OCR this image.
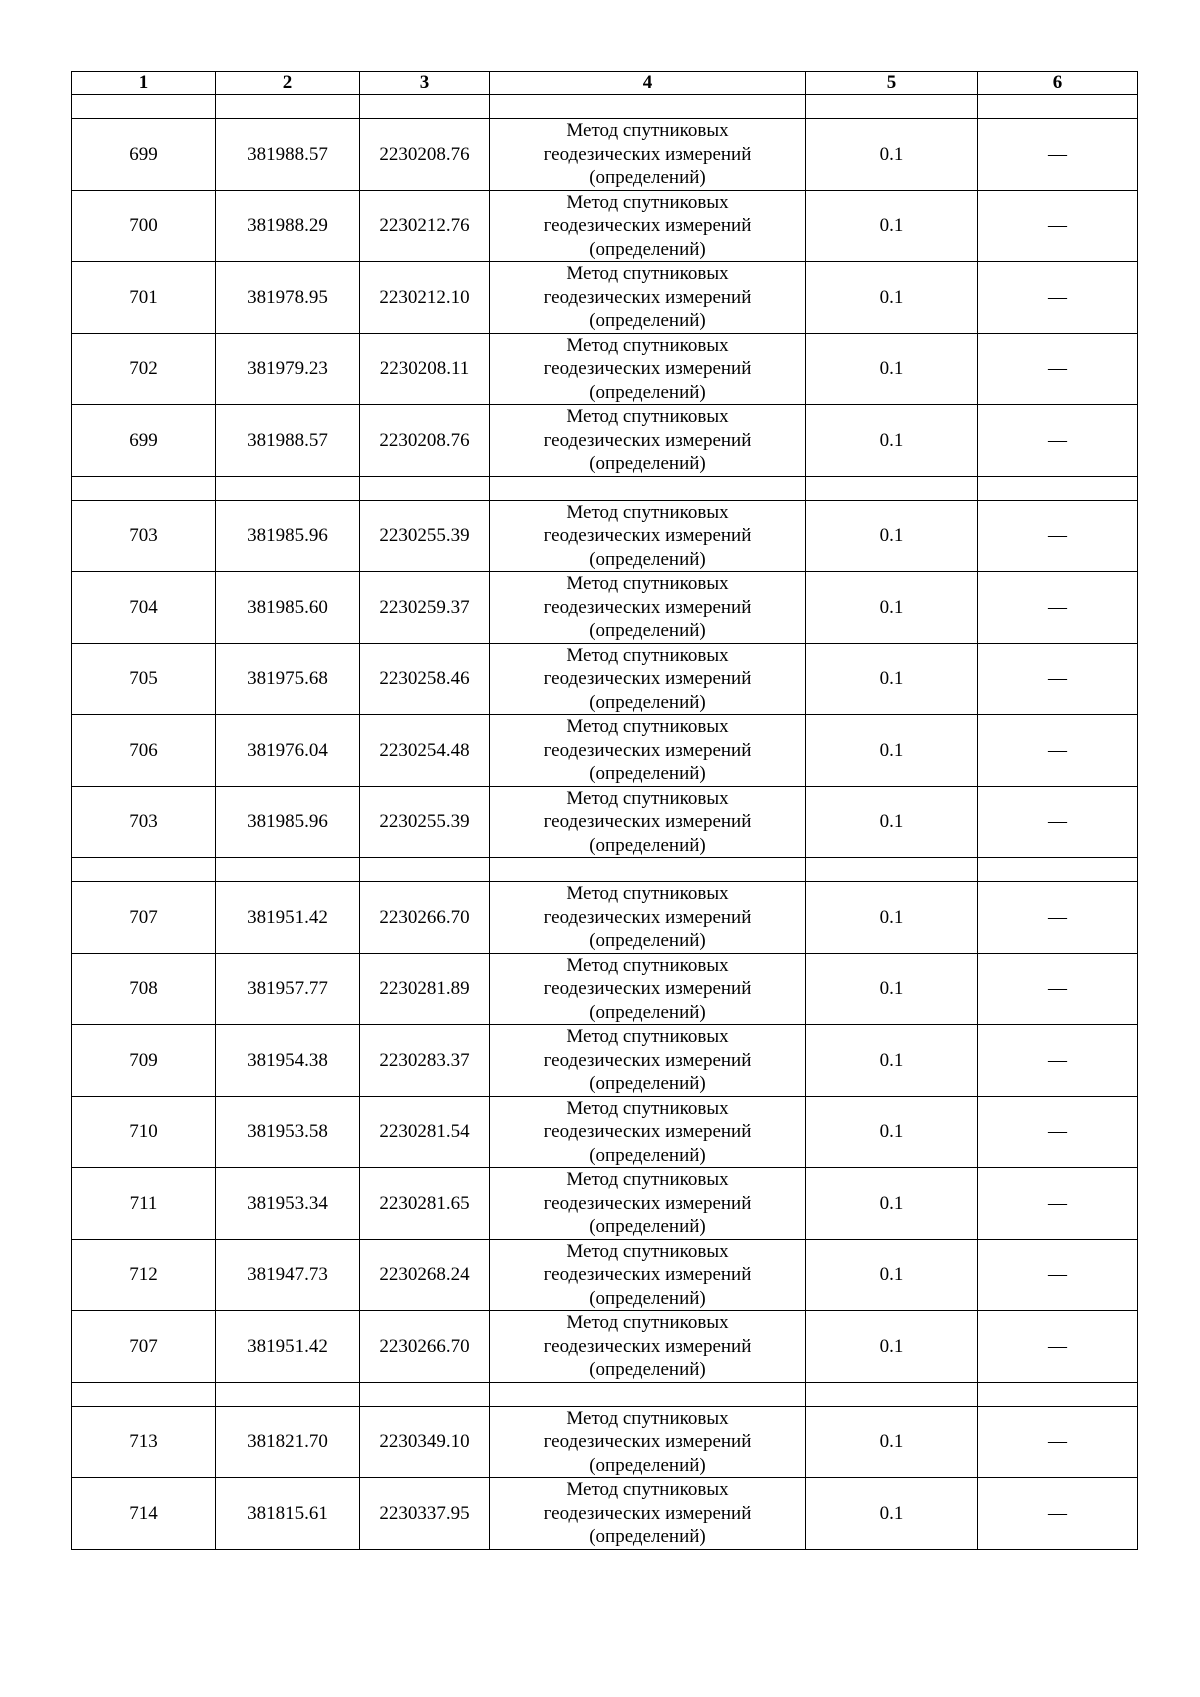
1	2	3	4	5	6

699	381988.57	2230208.76	Метод спутниковых
геодезических измерений
(определений)	0.1	—
700	381988.29	2230212.76	Метод спутниковых
геодезических измерений
(определений)	0.1	—
701	381978.95	2230212.10	Метод спутниковых
геодезических измерений
(определений)	0.1	—
702	381979.23	2230208.11	Метод спутниковых
геодезических измерений
(определений)	0.1	—
699	381988.57	2230208.76	Метод спутниковых
геодезических измерений
(определений)	0.1	—

703	381985.96	2230255.39	Метод спутниковых
геодезических измерений
(определений)	0.1	—
704	381985.60	2230259.37	Метод спутниковых
геодезических измерений
(определений)	0.1	—
705	381975.68	2230258.46	Метод спутниковых
геодезических измерений
(определений)	0.1	—
706	381976.04	2230254.48	Метод спутниковых
геодезических измерений
(определений)	0.1	—
703	381985.96	2230255.39	Метод спутниковых
геодезических измерений
(определений)	0.1	—

707	381951.42	2230266.70	Метод спутниковых
геодезических измерений
(определений)	0.1	—
708	381957.77	2230281.89	Метод спутниковых
геодезических измерений
(определений)	0.1	—
709	381954.38	2230283.37	Метод спутниковых
геодезических измерений
(определений)	0.1	—
710	381953.58	2230281.54	Метод спутниковых
геодезических измерений
(определений)	0.1	—
711	381953.34	2230281.65	Метод спутниковых
геодезических измерений
(определений)	0.1	—
712	381947.73	2230268.24	Метод спутниковых
геодезических измерений
(определений)	0.1	—
707	381951.42	2230266.70	Метод спутниковых
геодезических измерений
(определений)	0.1	—

713	381821.70	2230349.10	Метод спутниковых
геодезических измерений
(определений)	0.1	—
714	381815.61	2230337.95	Метод спутниковых
геодезических измерений
(определений)	0.1	—
